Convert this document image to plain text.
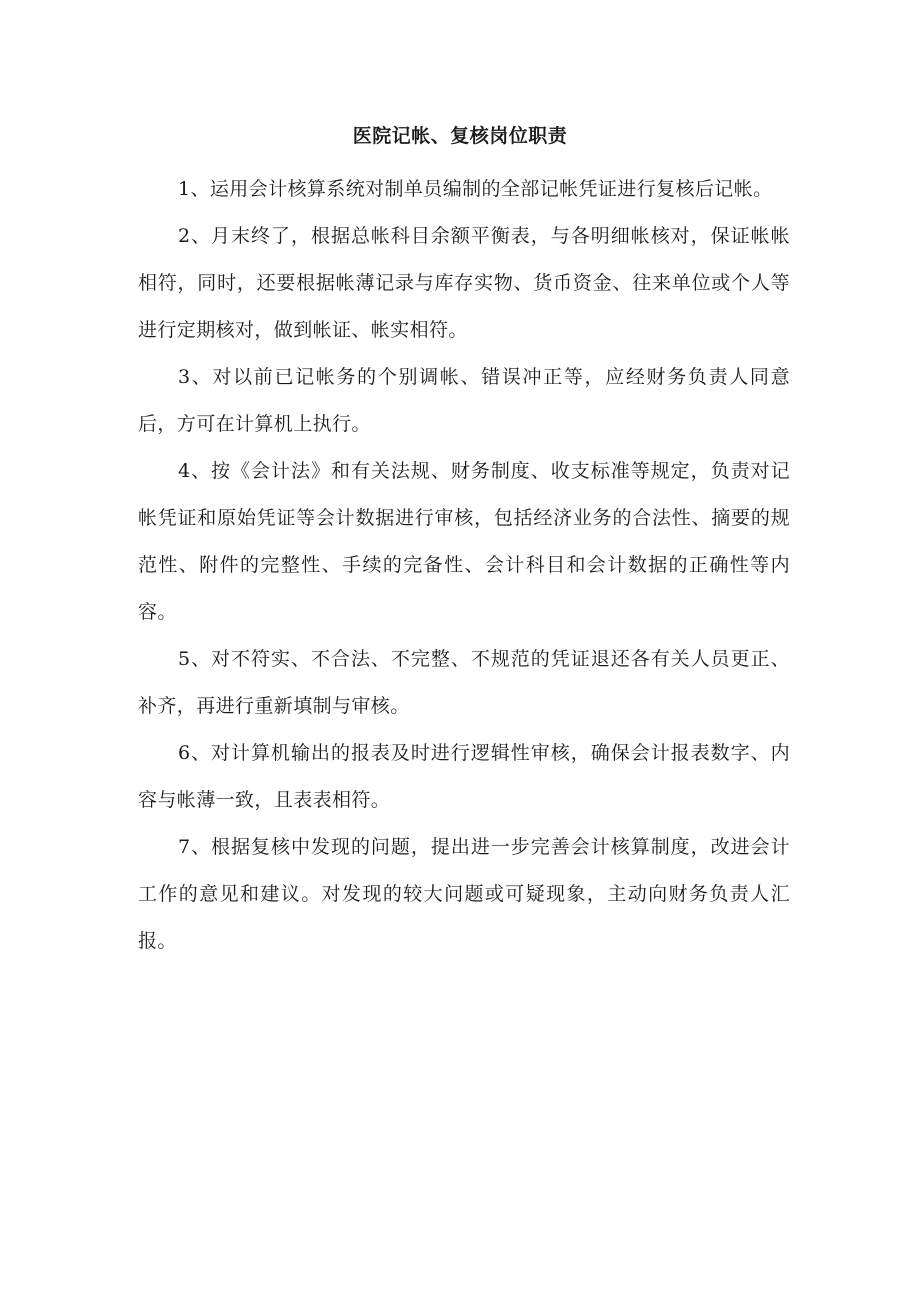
医院记帐、复核岗位职责

1、运用会计核算系统对制单员编制的全部记帐凭证进行复核后记帐。

2、月末终了，根据总帐科目余额平衡表，与各明细帐核对，保证帐帐相符，同时，还要根据帐薄记录与库存实物、货币资金、往来单位或个人等进行定期核对，做到帐证、帐实相符。

3、对以前已记帐务的个别调帐、错误冲正等，应经财务负责人同意后，方可在计算机上执行。

4、按《会计法》和有关法规、财务制度、收支标准等规定，负责对记帐凭证和原始凭证等会计数据进行审核，包括经济业务的合法性、摘要的规范性、附件的完整性、手续的完备性、会计科目和会计数据的正确性等内容。

5、对不符实、不合法、不完整、不规范的凭证退还各有关人员更正、补齐，再进行重新填制与审核。

6、对计算机输出的报表及时进行逻辑性审核，确保会计报表数字、内容与帐薄一致，且表表相符。

7、根据复核中发现的问题，提出进一步完善会计核算制度，改进会计工作的意见和建议。对发现的较大问题或可疑现象，主动向财务负责人汇报。
